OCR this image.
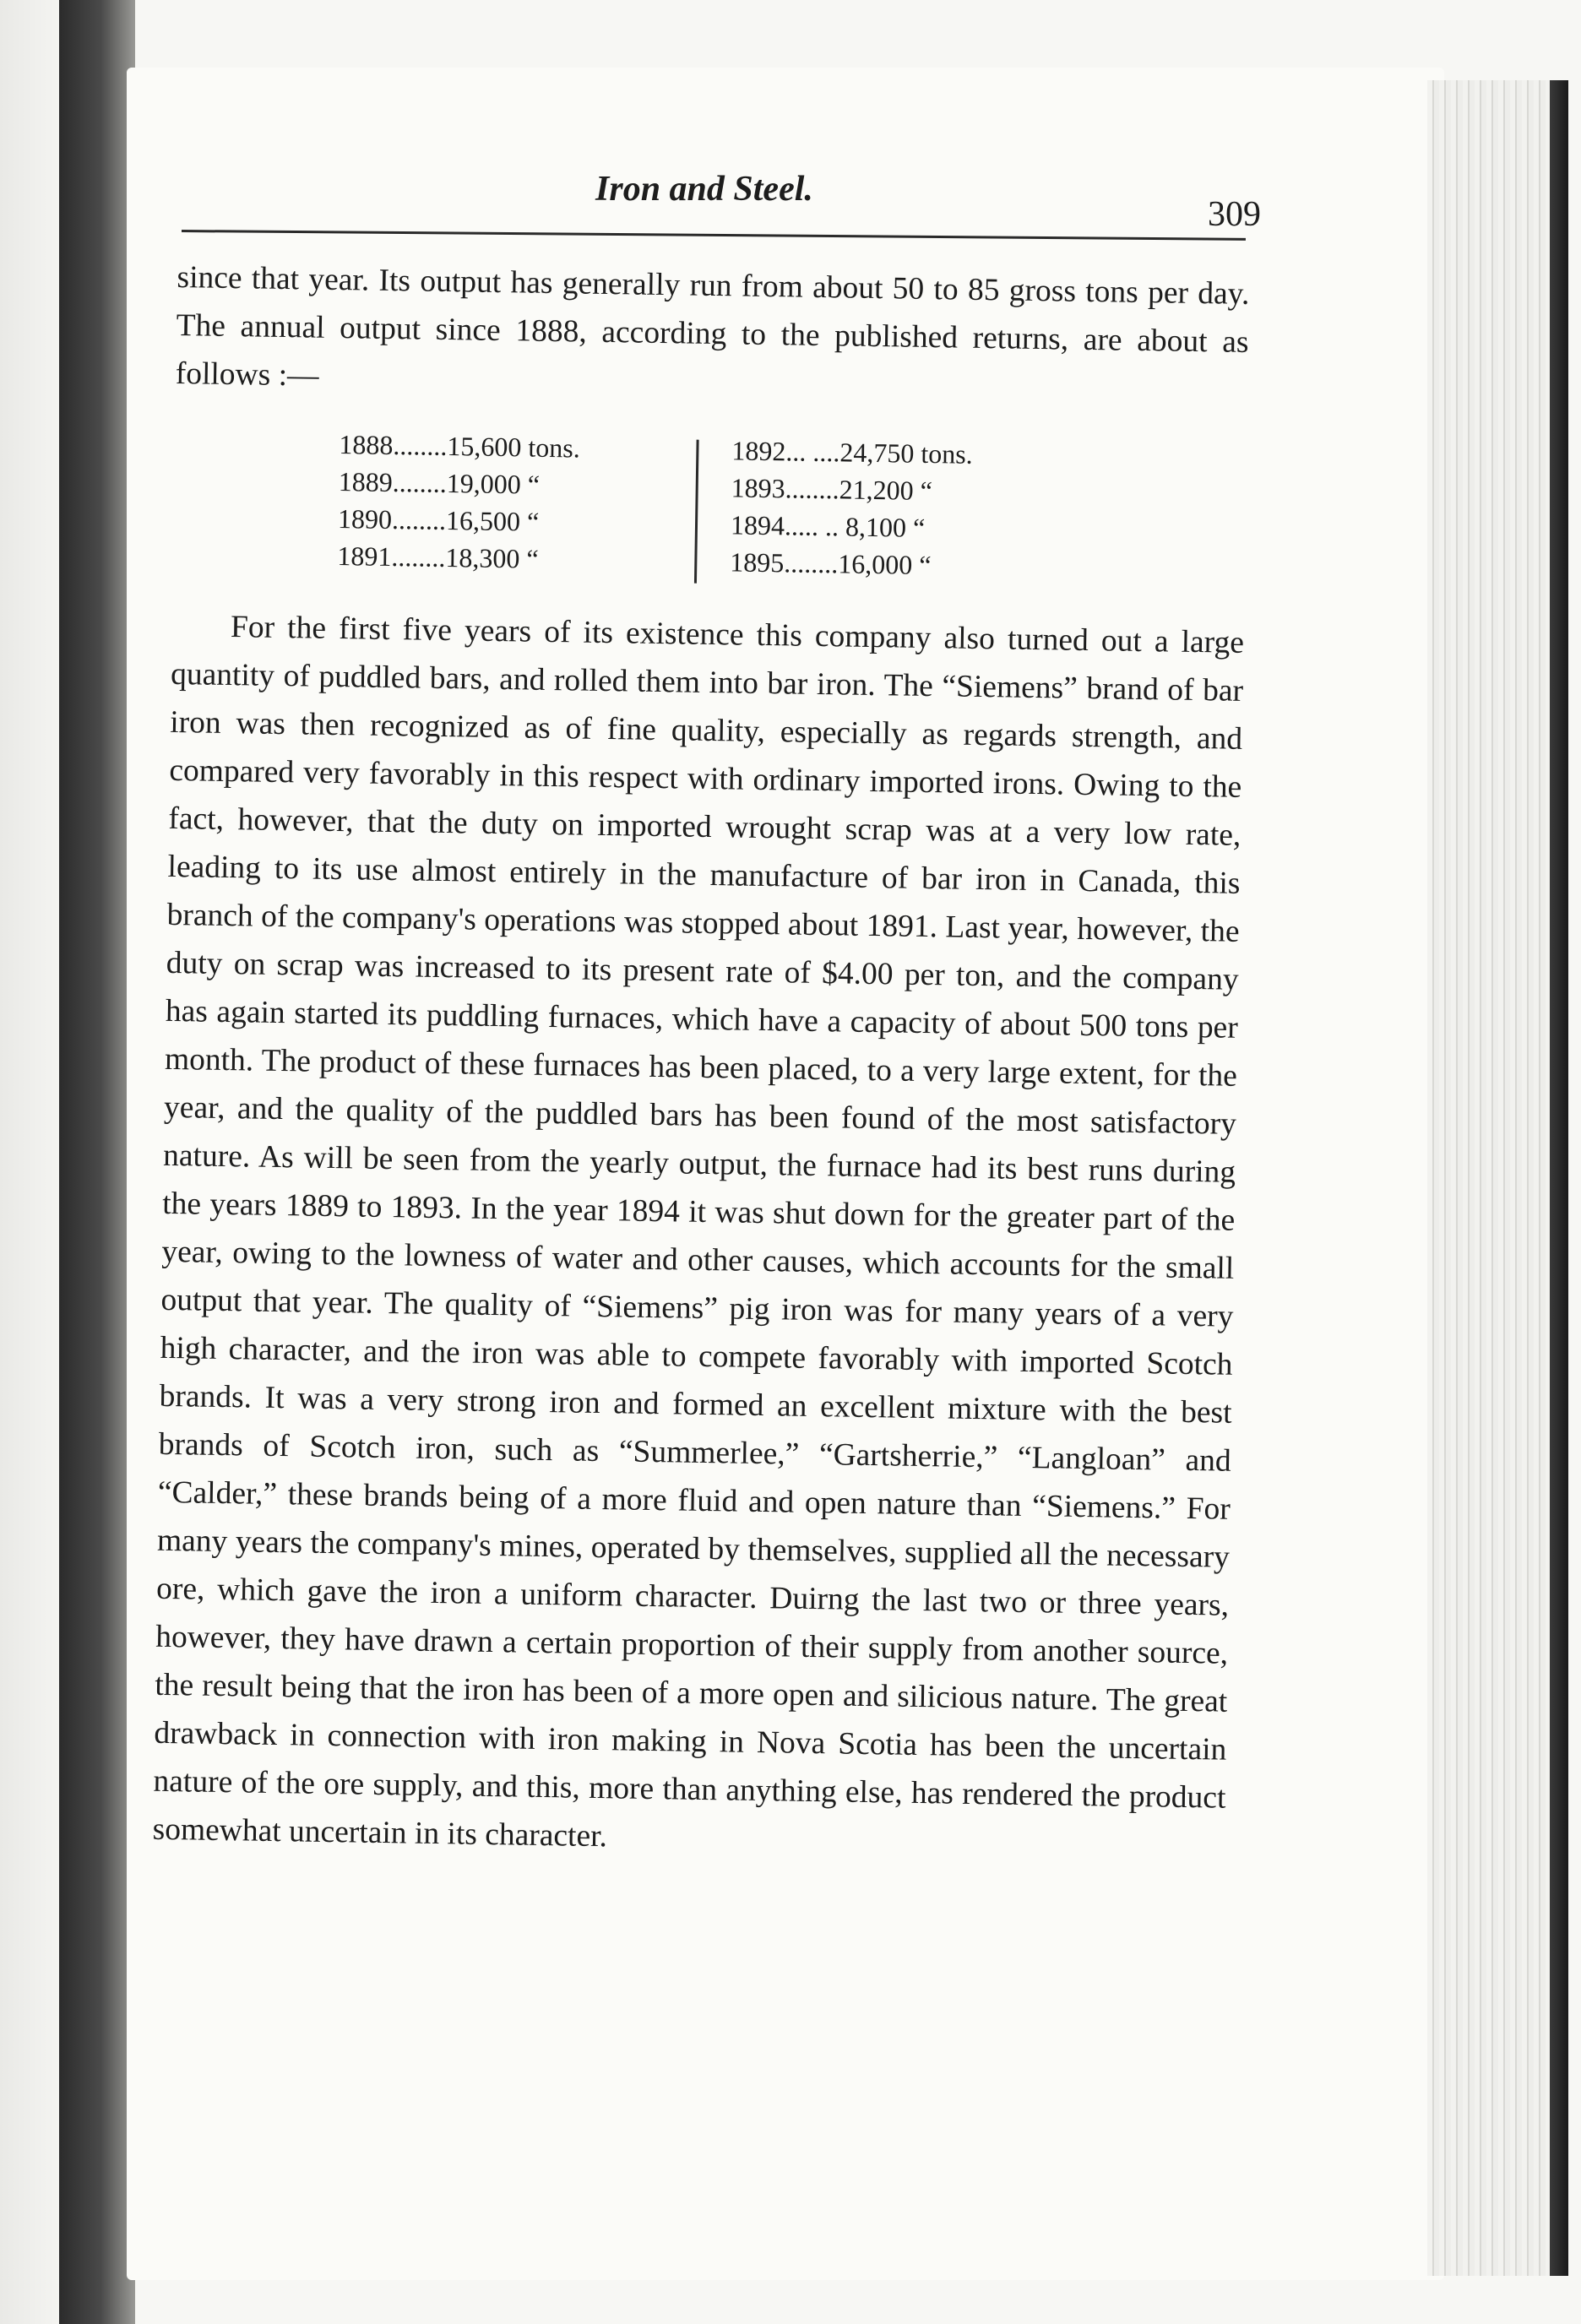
Iron and Steel.
309

since that year. Its output has generally run from about 50 to 85 gross tons per day. The annual output since 1888, according to the published returns, are about as follows :—

1888........15,600 tons.
1889........19,000 “
1890........16,500 “
1891........18,300 “
1892... ....24,750 tons.
1893........21,200 “
1894..... .. 8,100 “
1895........16,000 “

For the first five years of its existence this company also turned out a large quantity of puddled bars, and rolled them into bar iron. The “Siemens” brand of bar iron was then recognized as of fine quality, especially as regards strength, and compared very favorably in this respect with ordinary imported irons. Owing to the fact, however, that the duty on imported wrought scrap was at a very low rate, leading to its use almost entirely in the manufacture of bar iron in Canada, this branch of the company's operations was stopped about 1891. Last year, however, the duty on scrap was increased to its present rate of $4.00 per ton, and the company has again started its puddling furnaces, which have a capacity of about 500 tons per month. The product of these furnaces has been placed, to a very large extent, for the year, and the quality of the puddled bars has been found of the most satisfactory nature. As will be seen from the yearly output, the furnace had its best runs during the years 1889 to 1893. In the year 1894 it was shut down for the greater part of the year, owing to the lowness of water and other causes, which accounts for the small output that year. The quality of “Siemens” pig iron was for many years of a very high character, and the iron was able to compete favorably with imported Scotch brands. It was a very strong iron and formed an excellent mixture with the best brands of Scotch iron, such as “Summerlee,” “Gartsherrie,” “Langloan” and “Calder,” these brands being of a more fluid and open nature than “Siemens.” For many years the company's mines, operated by themselves, supplied all the necessary ore, which gave the iron a uniform character. Duirng the last two or three years, however, they have drawn a certain proportion of their supply from another source, the result being that the iron has been of a more open and silicious nature. The great drawback in connection with iron making in Nova Scotia has been the uncertain nature of the ore supply, and this, more than anything else, has rendered the product somewhat uncertain in its character.
